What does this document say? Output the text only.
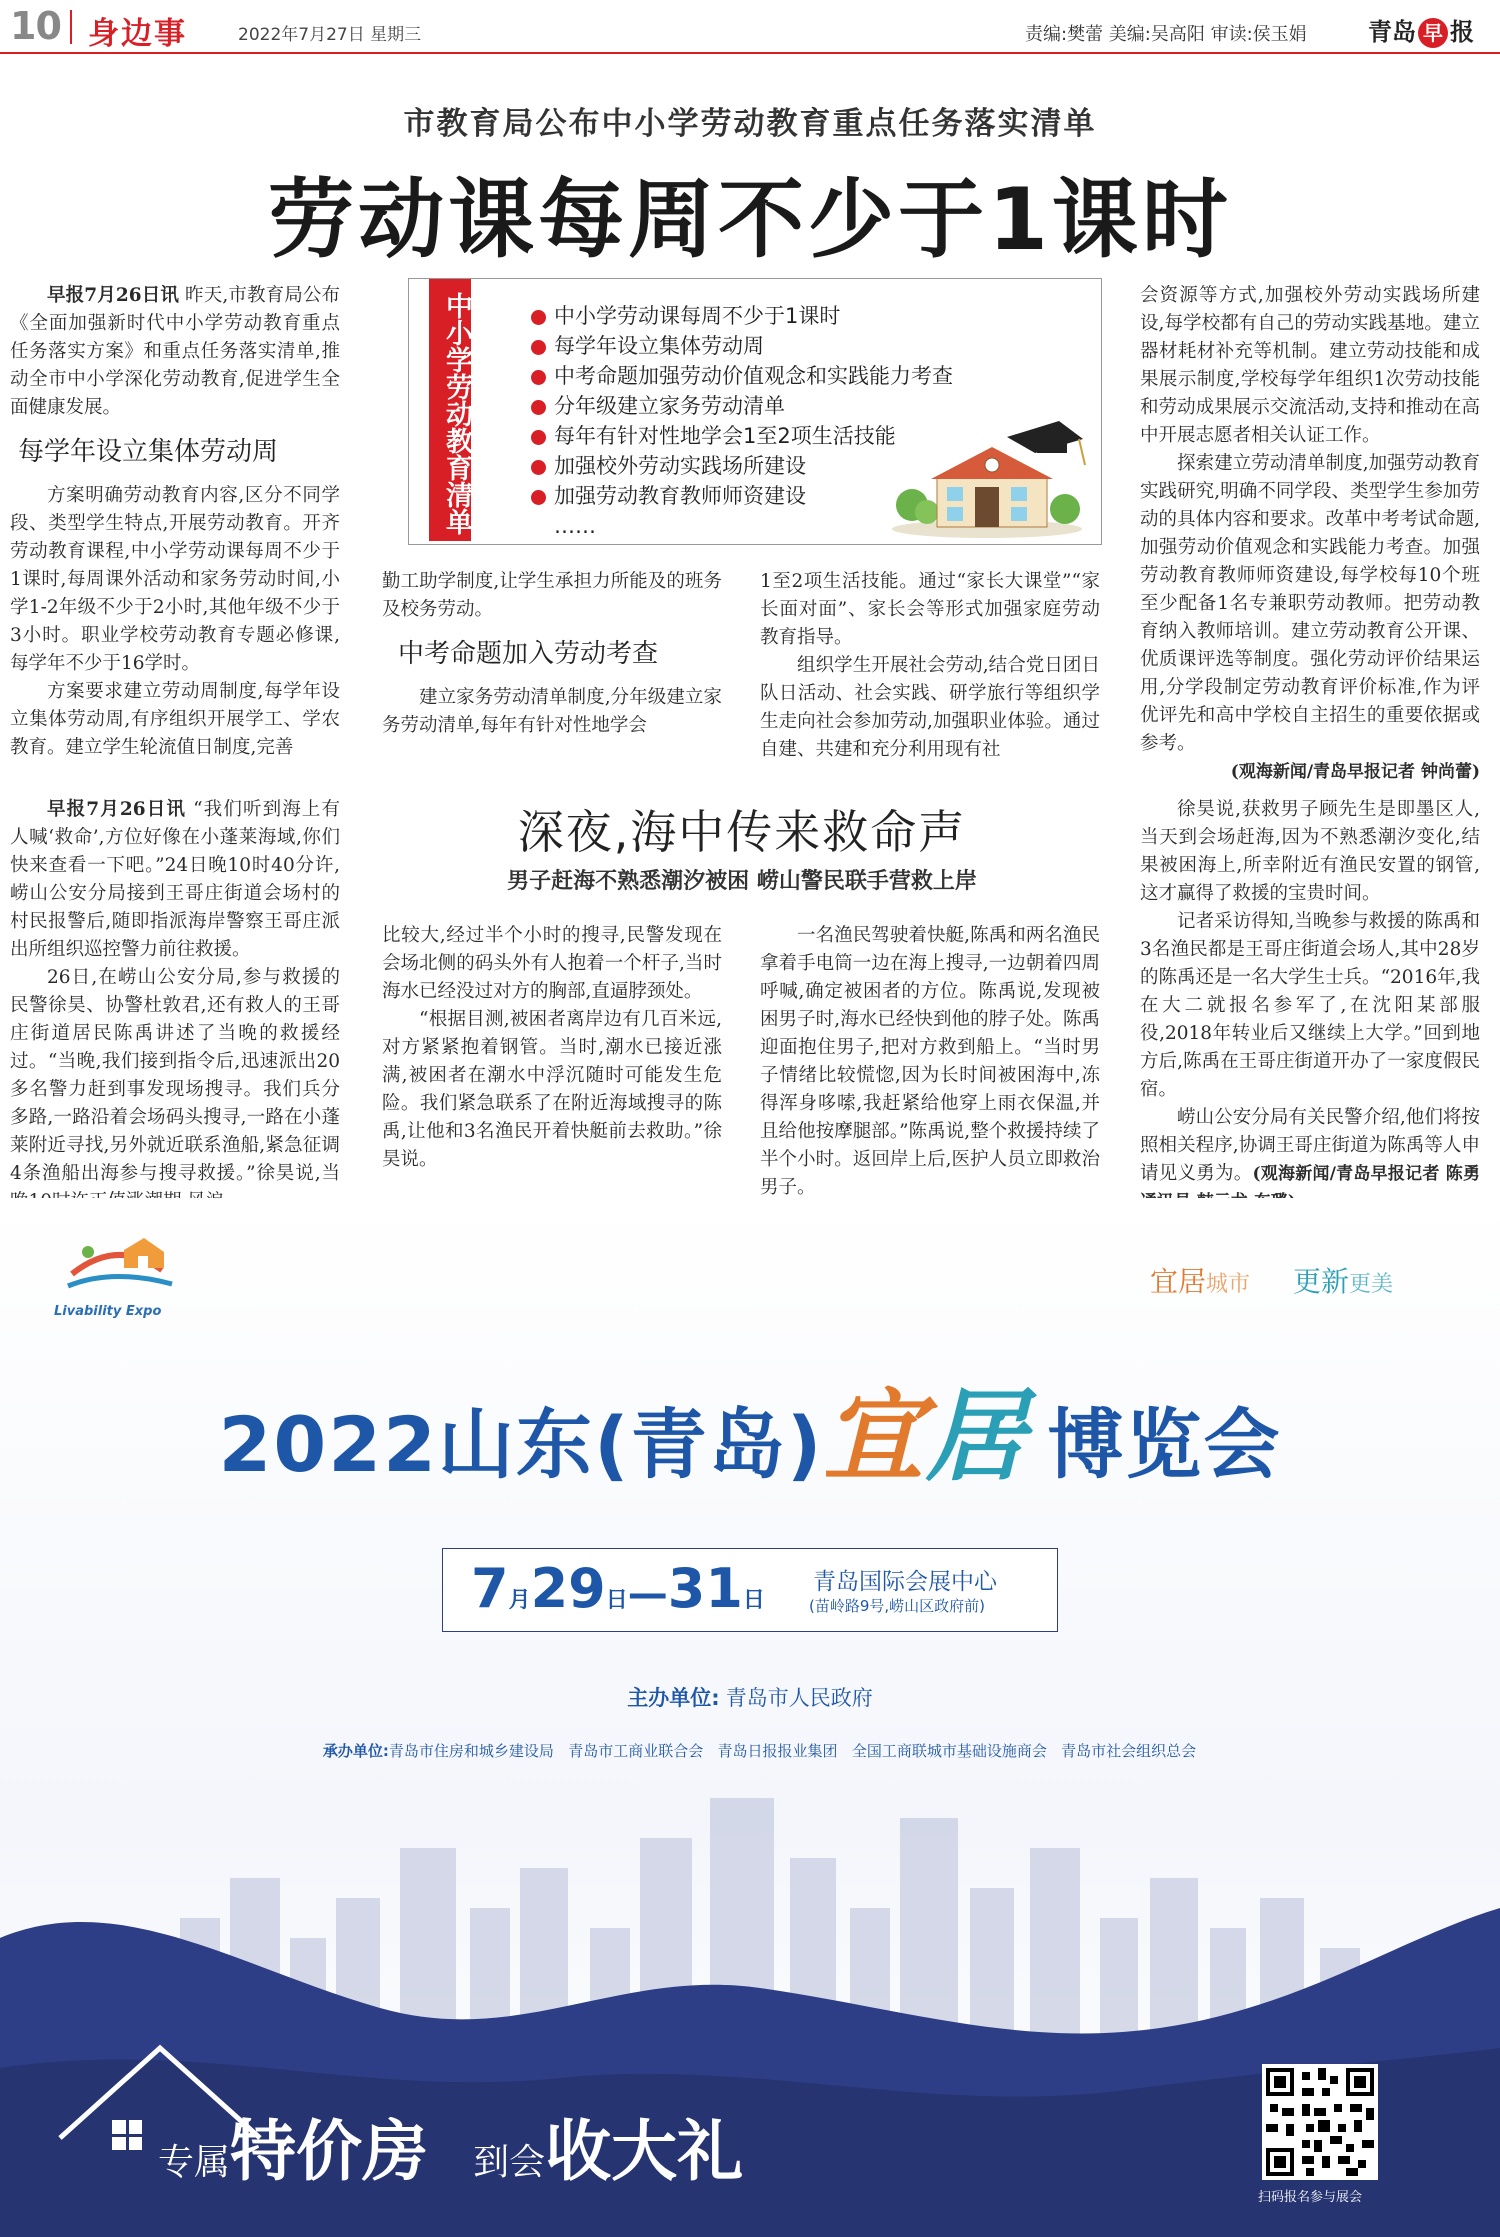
10 身边事	2022年7月27日 星期三	责编:樊蕾 美编:吴高阳 审读:侯玉娟	青岛 早 报
市教育局公布中小学劳动教育重点任务落实清单
劳动课每周不少于1课时

早报7月26日讯 昨天,市教育局公布《全面加强新时代中小学劳动教育重点任务落实方案》和重点任务落实清单,推动全市中小学深化劳动教育,促进学生全面健康发展。

每学年设立集体劳动周

方案明确劳动教育内容,区分不同学段、类型学生特点,开展劳动教育。开齐劳动教育课程,中小学劳动课每周不少于1课时,每周课外活动和家务劳动时间,小学1-2年级不少于2小时,其他年级不少于3小时。职业学校劳动教育专题必修课,每学年不少于16学时。

方案要求建立劳动周制度,每学年设立集体劳动周,有序组织开展学工、学农教育。建立学生轮流值日制度,完善

中小学劳动教育清单	中小学劳动课每周不少于1课时
每学年设立集体劳动周
中考命题加强劳动价值观念和实践能力考查
分年级建立家务劳动清单
每年有针对性地学会1至2项生活技能
加强校外劳动实践场所建设
加强劳动教育教师师资建设
……

勤工助学制度,让学生承担力所能及的班务及校务劳动。

中考命题加入劳动考查

建立家务劳动清单制度,分年级建立家务劳动清单,每年有针对性地学会

1至2项生活技能。通过“家长大课堂”“家长面对面”、家长会等形式加强家庭劳动教育指导。

组织学生开展社会劳动,结合党日团日队日活动、社会实践、研学旅行等组织学生走向社会参加劳动,加强职业体验。通过自建、共建和充分利用现有社

会资源等方式,加强校外劳动实践场所建设,每学校都有自己的劳动实践基地。建立器材耗材补充等机制。建立劳动技能和成果展示制度,学校每学年组织1次劳动技能和劳动成果展示交流活动,支持和推动在高中开展志愿者相关认证工作。

探索建立劳动清单制度,加强劳动教育实践研究,明确不同学段、类型学生参加劳动的具体内容和要求。改革中考考试命题,加强劳动价值观念和实践能力考查。加强劳动教育教师师资建设,每学校每10个班至少配备1名专兼职劳动教师。把劳动教育纳入教师培训。建立劳动教育公开课、优质课评选等制度。强化劳动评价结果运用,分学段制定劳动教育评价标准,作为评优评先和高中学校自主招生的重要依据或参考。

(观海新闻/青岛早报记者 钟尚蕾)
深夜,海中传来救命声
男子赶海不熟悉潮汐被困 崂山警民联手营救上岸

早报7月26日讯 “我们听到海上有人喊‘救命’,方位好像在小蓬莱海域,你们快来查看一下吧。”24日晚10时40分许,崂山公安分局接到王哥庄街道会场村的村民报警后,随即指派海岸警察王哥庄派出所组织巡控警力前往救援。

26日,在崂山公安分局,参与救援的民警徐昊、协警杜敦君,还有救人的王哥庄街道居民陈禹讲述了当晚的救援经过。“当晚,我们接到指令后,迅速派出20多名警力赶到事发现场搜寻。我们兵分多路,一路沿着会场码头搜寻,一路在小蓬莱附近寻找,另外就近联系渔船,紧急征调4条渔船出海参与搜寻救援。”徐昊说,当

比较大,经过半个小时的搜寻,民警发现在会场北侧的码头外有人抱着一个杆子,当时海水已经没过对方的胸部,直逼脖颈处。

“根据目测,被困者离岸边有几百米远,对方紧紧抱着钢管。当时,潮水已接近涨满,被困者在潮水中浮沉随时可能发生危险。我们紧急联系了在附近海域搜寻的陈禹,让他和3名渔民开着快艇前去救助。”徐昊说。

一名渔民驾驶着快艇,陈禹和两名渔民拿着手电筒一边在海上搜寻,一边朝着四周呼喊,确定被困者的方位。陈禹说,发现被困男子时,海水已经快到他的脖子处。陈禹迎面抱住男子,把对方救到船上。“当时男子情绪比较慌惚,因为长时间被困海中,冻得浑身哆嗦,我赶紧给他穿上雨衣保温,并且给他按摩腿部。”陈禹说,整个救援持续了半个小时。返回岸上后,医护人员立即救治男子。

徐昊说,获救男子顾先生是即墨区人,当天到会场赶海,因为不熟悉潮汐变化,结果被困海上,所幸附近有渔民安置的钢管,这才赢得了救援的宝贵时间。

记者采访得知,当晚参与救援的陈禹和3名渔民都是王哥庄街道会场人,其中28岁的陈禹还是一名大学生士兵。“2016年,我在大二就报名参军了,在沈阳某部服役,2018年转业后又继续上大学。”回到地方后,陈禹在王哥庄街道开办了一家度假民宿。

崂山公安分局有关民警介绍,他们将按照相关程序,协调王哥庄街道为陈禹等人申请见义勇为。(观海新闻/青岛早报记者 陈勇

Livability Expo
宜居城市 更新更美
2022山东(青岛)宜居 博览会
7月29日—31日
青岛国际会展中心
(苗岭路9号,崂山区政府前)
主办单位: 青岛市人民政府

承办单位:青岛市住房和城乡建设局   青岛市工商业联合会   青岛日报报业集团   全国工商联城市基础设施商会   青岛市社会组织总会

专属特价房 到会收大礼
扫码报名参与展会
